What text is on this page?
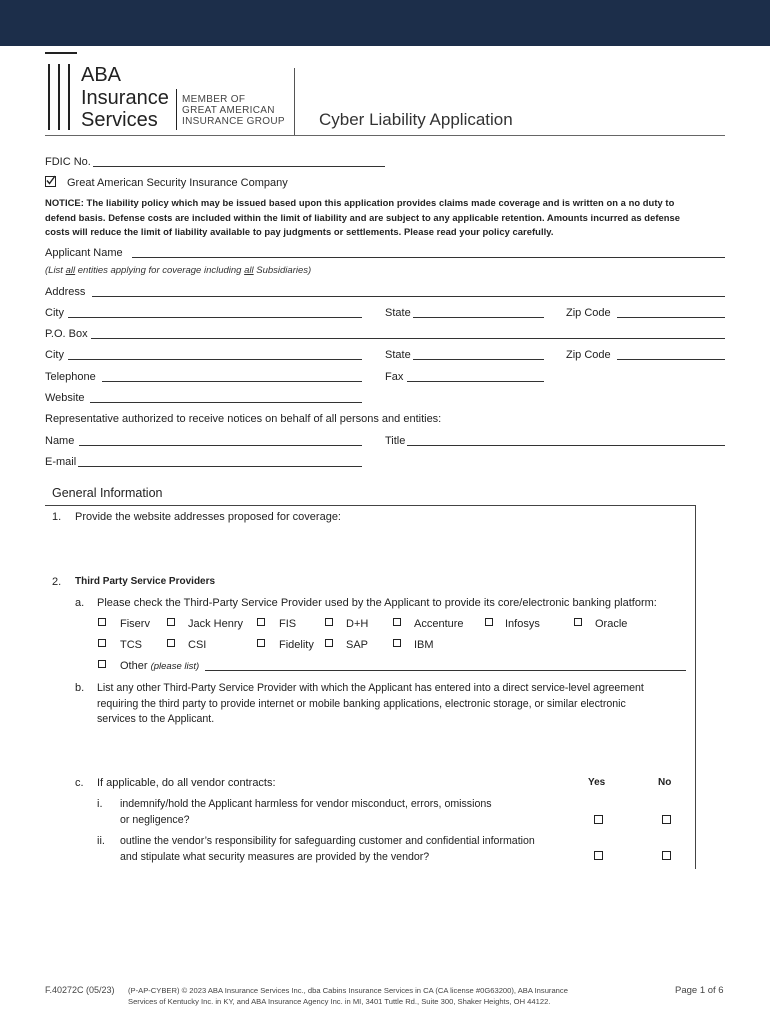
ABA
Insurance
Services
MEMBER OF
GREAT AMERICAN
INSURANCE GROUP Cyber Liability Application
FDIC No.
Great American Security Insurance Company
NOTICE: The liability policy which may be issued based upon this application provides claims made coverage and is written on a no duty to
defend basis. Defense costs are included within the limit of liability and are subject to any applicable retention. Amounts incurred as defense
costs will reduce the limit of liability available to pay judgments or settlements. Please read your policy carefully.
Applicant Name
(List all entities applying for coverage including all Subsidiaries)
Address
City	State	Zip Code
P.O. Box
City	State	Zip Code
Telephone	Fax
Website
Representative authorized to receive notices on behalf of all persons and entities:
Name	Title
E-mail
General Information
1. Provide the website addresses proposed for coverage:
2. Third Party Service Providers
a. Please check the Third-Party Service Provider used by the Applicant to provide its core/electronic banking platform:
Fiserv	Jack Henry	FIS	D+H	Accenture	Infosys	Oracle
TCS	CSI	Fidelity	SAP	IBM
Other (please list)
b. List any other Third-Party Service Provider with which the Applicant has entered into a direct service-level agreement
requiring the third party to provide internet or mobile banking applications, electronic storage, or similar electronic
services to the Applicant.
c. If applicable, do all vendor contracts:	Yes	No
i. indemnify/hold the Applicant harmless for vendor misconduct, errors, omissions
or negligence?
ii. outline the vendor’s responsibility for safeguarding customer and confidential information
and stipulate what security measures are provided by the vendor?
F.40272C (05/23) (P-AP-CYBER) © 2023 ABA Insurance Services Inc., dba Cabins Insurance Services in CA (CA license #0G63200), ABA Insurance
Services of Kentucky Inc. in KY, and ABA Insurance Agency Inc. in MI, 3401 Tuttle Rd., Suite 300, Shaker Heights, OH 44122.
Page 1 of 6
